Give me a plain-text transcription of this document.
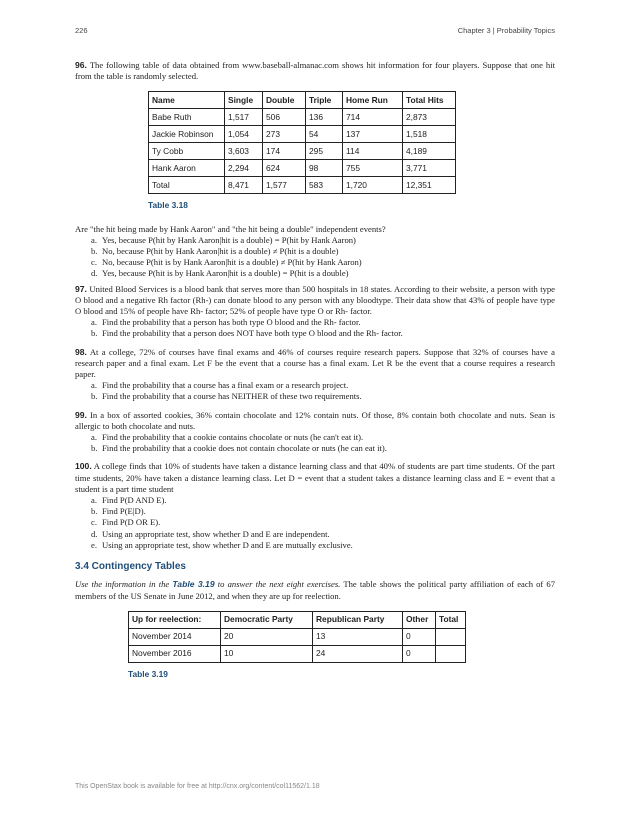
226	Chapter 3 | Probability Topics

96. The following table of data obtained from www.baseball-almanac.com shows hit information for four players. Suppose that one hit from the table is randomly selected.

Name	Single	Double	Triple	Home Run	Total Hits
Babe Ruth	1,517	506	136	714	2,873
Jackie Robinson	1,054	273	54	137	1,518
Ty Cobb	3,603	174	295	114	4,189
Hank Aaron	2,294	624	98	755	3,771
Total	8,471	1,577	583	1,720	12,351
Table 3.18

Are "the hit being made by Hank Aaron" and "the hit being a double" independent events?

a. Yes, because P(hit by Hank Aaron|hit is a double) = P(hit by Hank Aaron)
b. No, because P(hit by Hank Aaron|hit is a double) ≠ P(hit is a double)
c. No, because P(hit is by Hank Aaron|hit is a double) ≠ P(hit by Hank Aaron)
d. Yes, because P(hit is by Hank Aaron|hit is a double) = P(hit is a double)

97. United Blood Services is a blood bank that serves more than 500 hospitals in 18 states. According to their website, a person with type O blood and a negative Rh factor (Rh-) can donate blood to any person with any bloodtype. Their data show that 43% of people have type O blood and 15% of people have Rh- factor; 52% of people have type O or Rh- factor.

a. Find the probability that a person has both type O blood and the Rh- factor.
b. Find the probability that a person does NOT have both type O blood and the Rh- factor.

98. At a college, 72% of courses have final exams and 46% of courses require research papers. Suppose that 32% of courses have a research paper and a final exam. Let F be the event that a course has a final exam. Let R be the event that a course requires a research paper.

a. Find the probability that a course has a final exam or a research project.
b. Find the probability that a course has NEITHER of these two requirements.

99. In a box of assorted cookies, 36% contain chocolate and 12% contain nuts. Of those, 8% contain both chocolate and nuts. Sean is allergic to both chocolate and nuts.

a. Find the probability that a cookie contains chocolate or nuts (he can't eat it).
b. Find the probability that a cookie does not contain chocolate or nuts (he can eat it).

100. A college finds that 10% of students have taken a distance learning class and that 40% of students are part time students. Of the part time students, 20% have taken a distance learning class. Let D = event that a student takes a distance learning class and E = event that a student is a part time student

a. Find P(D AND E).
b. Find P(E|D).
c. Find P(D OR E).
d. Using an appropriate test, show whether D and E are independent.
e. Using an appropriate test, show whether D and E are mutually exclusive.
3.4 Contingency Tables

Use the information in the Table 3.19 to answer the next eight exercises. The table shows the political party affiliation of each of 67 members of the US Senate in June 2012, and when they are up for reelection.

Up for reelection:	Democratic Party	Republican Party	Other	Total
November 2014	20	13	0	
November 2016	10	24	0	
Table 3.19
This OpenStax book is available for free at http://cnx.org/content/col11562/1.18
